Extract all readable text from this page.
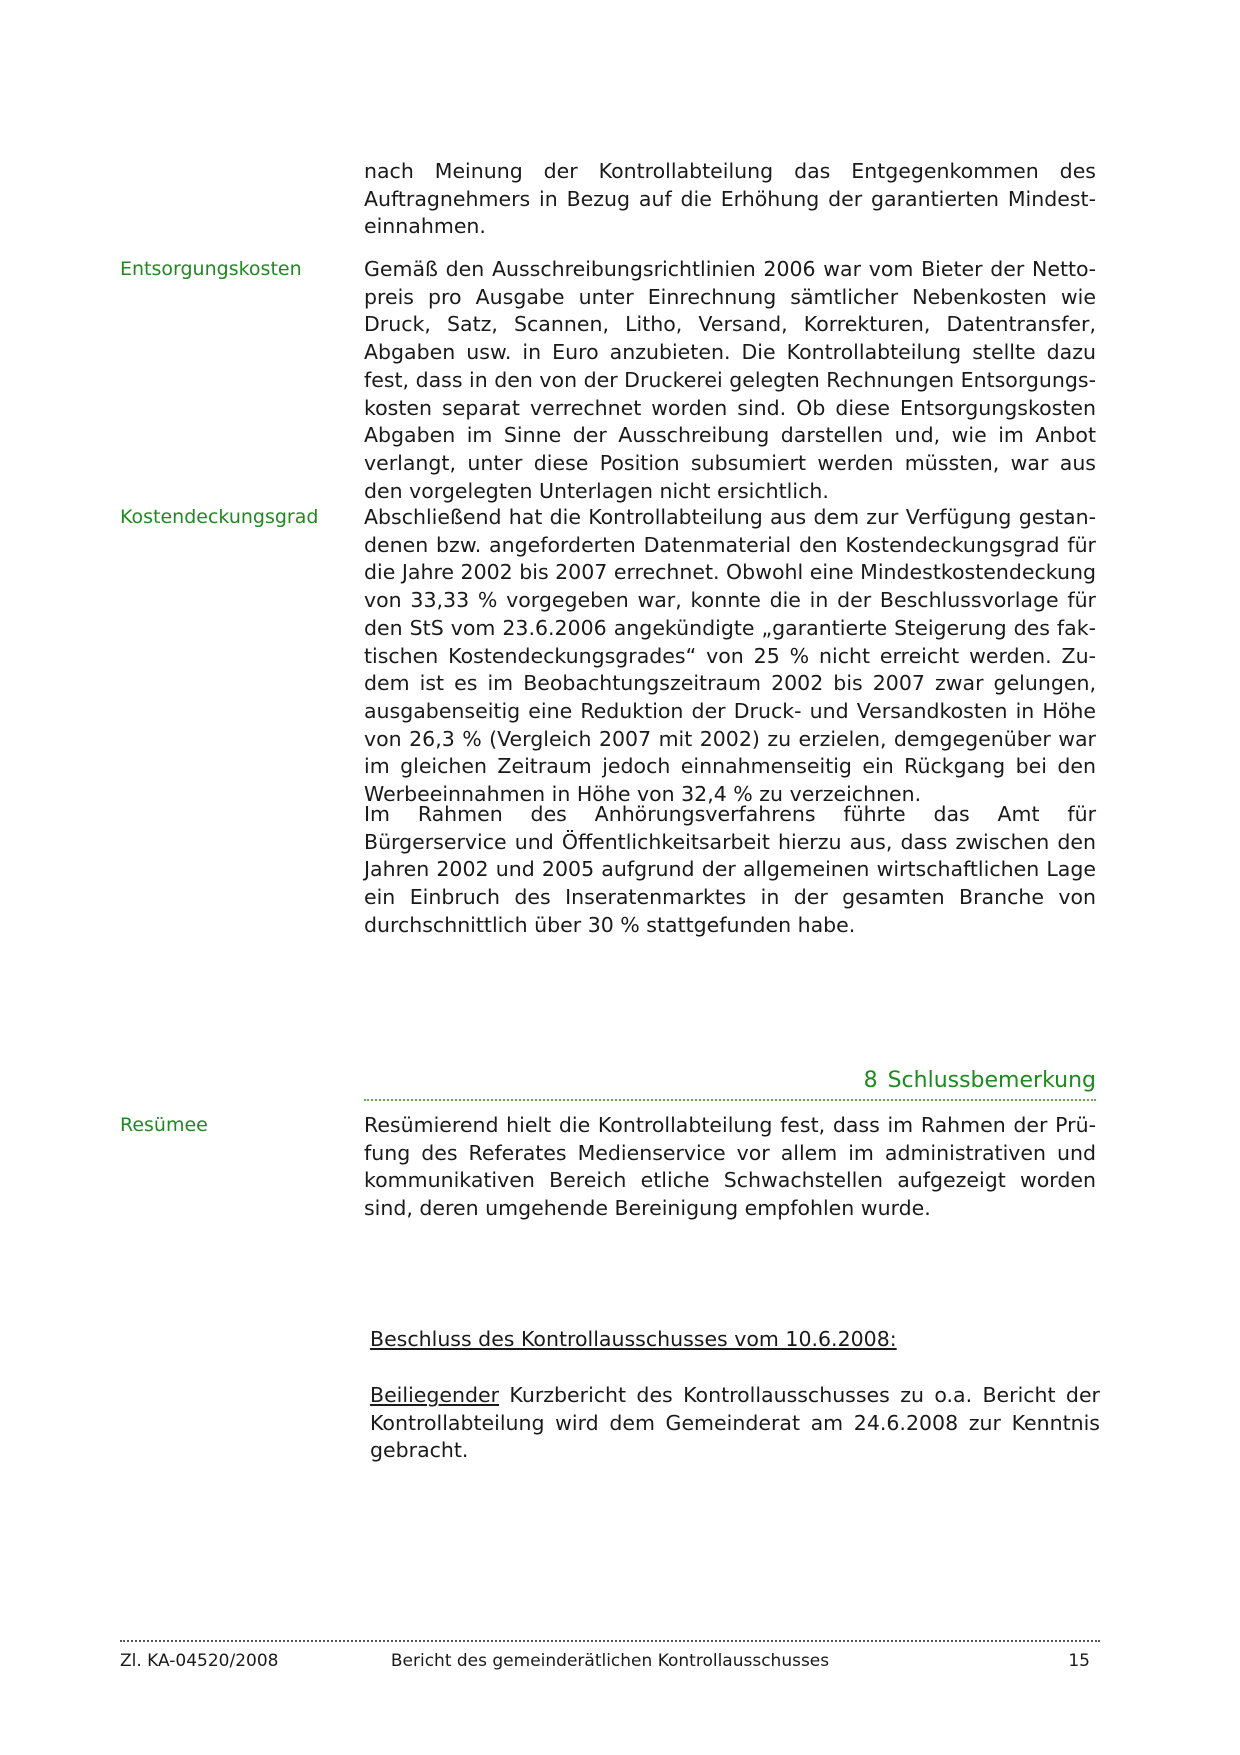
nach Meinung der Kontrollabteilung das Entgegenkommen des Auftragnehmers in Bezug auf die Erhöhung der garantierten Mindesteinnahmen.

Entsorgungskosten	Gemäß den Ausschreibungsrichtlinien 2006 war vom Bieter der Nettopreis pro Ausgabe unter Einrechnung sämtlicher Nebenkosten wie Druck, Satz, Scannen, Litho, Versand, Korrekturen, Datentransfer, Abgaben usw. in Euro anzubieten. Die Kontrollabteilung stellte dazu fest, dass in den von der Druckerei gelegten Rechnungen Entsorgungskosten separat verrechnet worden sind. Ob diese Entsorgungskosten Abgaben im Sinne der Ausschreibung darstellen und, wie im Anbot verlangt, unter diese Position subsumiert werden müssten, war aus den vorgelegten Unterlagen nicht ersichtlich.

Kostendeckungsgrad	Abschließend hat die Kontrollabteilung aus dem zur Verfügung gestandenen bzw. angeforderten Datenmaterial den Kostendeckungsgrad für die Jahre 2002 bis 2007 errechnet. Obwohl eine Mindestkostendeckung von 33,33 % vorgegeben war, konnte die in der Beschlussvorlage für den StS vom 23.6.2006 angekündigte „garantierte Steigerung des faktischen Kostendeckungsgrades“ von 25 % nicht erreicht werden. Zudem ist es im Beobachtungszeitraum 2002 bis 2007 zwar gelungen, ausgabenseitig eine Reduktion der Druck- und Versandkosten in Höhe von 26,3 % (Vergleich 2007 mit 2002) zu erzielen, demgegenüber war im gleichen Zeitraum jedoch einnahmenseitig ein Rückgang bei den Werbeeinnahmen in Höhe von 32,4 % zu verzeichnen.

Im Rahmen des Anhörungsverfahrens führte das Amt für Bürgerservice und Öffentlichkeitsarbeit hierzu aus, dass zwischen den Jahren 2002 und 2005 aufgrund der allgemeinen wirtschaftlichen Lage ein Einbruch des Inseratenmarktes in der gesamten Branche von durchschnittlich über 30 % stattgefunden habe.

8 Schlussbemerkung
Resümee	Resümierend hielt die Kontrollabteilung fest, dass im Rahmen der Prüfung des Referates Medienservice vor allem im administrativen und kommunikativen Bereich etliche Schwachstellen aufgezeigt worden sind, deren umgehende Bereinigung empfohlen wurde.

Beschluss des Kontrollausschusses vom 10.6.2008:
Beiliegender Kurzbericht des Kontrollausschusses zu o.a. Bericht der Kontrollabteilung wird dem Gemeinderat am 24.6.2008 zur Kenntnis gebracht.
Zl. KA-04520/2008	Bericht des gemeinderätlichen Kontrollausschusses	15
